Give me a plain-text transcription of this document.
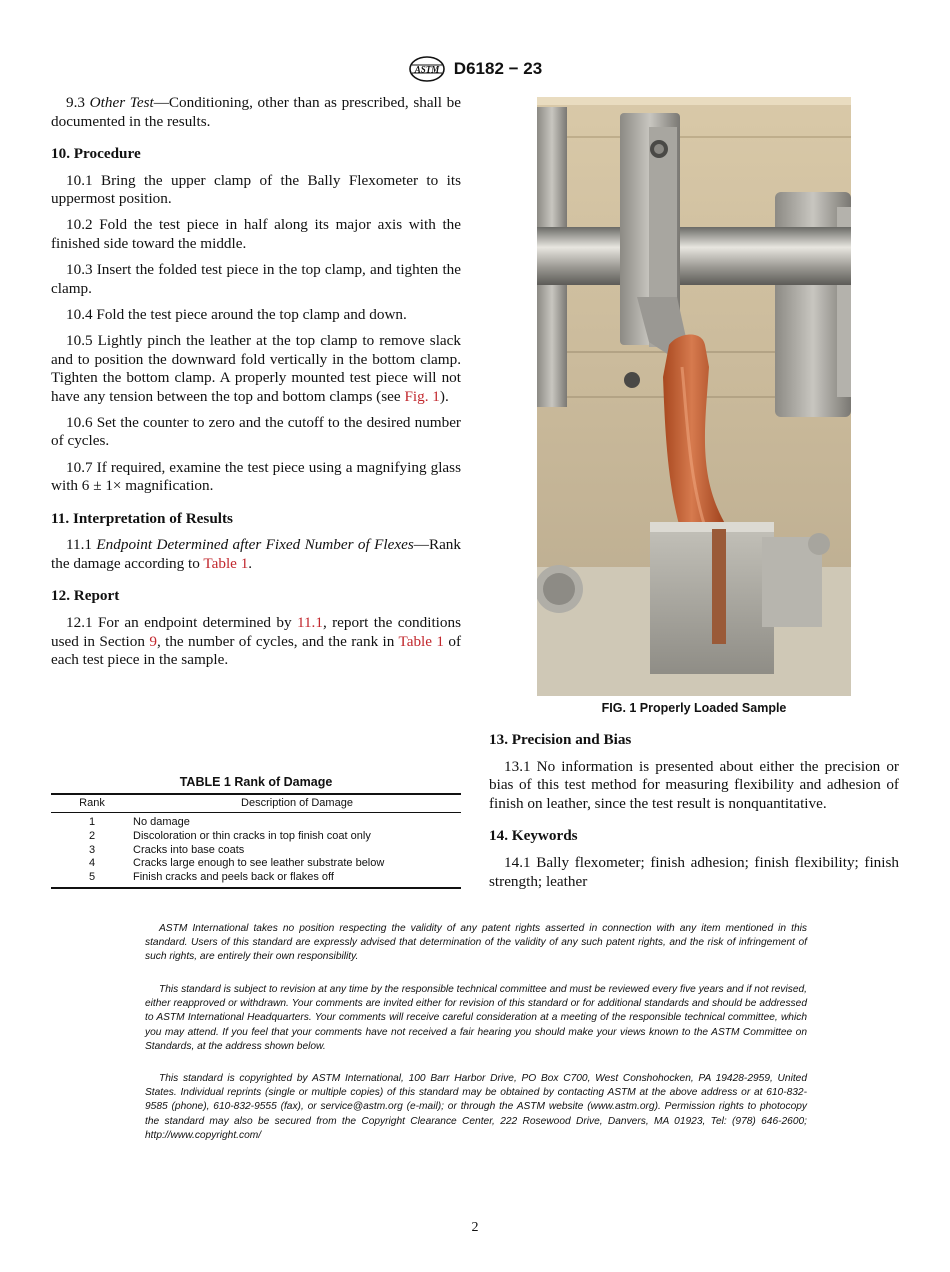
ASTM D6182 − 23

9.3 Other Test—Conditioning, other than as prescribed, shall be documented in the results.

10. Procedure

10.1 Bring the upper clamp of the Bally Flexometer to its uppermost position.

10.2 Fold the test piece in half along its major axis with the finished side toward the middle.

10.3 Insert the folded test piece in the top clamp, and tighten the clamp.

10.4 Fold the test piece around the top clamp and down.

10.5 Lightly pinch the leather at the top clamp to remove slack and to position the downward fold vertically in the bottom clamp. Tighten the bottom clamp. A properly mounted test piece will not have any tension between the top and bottom clamps (see Fig. 1).

10.6 Set the counter to zero and the cutoff to the desired number of cycles.

10.7 If required, examine the test piece using a magnifying glass with 6 ± 1× magnification.

11. Interpretation of Results

11.1 Endpoint Determined after Fixed Number of Flexes—Rank the damage according to Table 1.

12. Report

12.1 For an endpoint determined by 11.1, report the conditions used in Section 9, the number of cycles, and the rank in Table 1 of each test piece in the sample.

TABLE 1 Rank of Damage
Rank	Description of Damage
1	No damage
2	Discoloration or thin cracks in top finish coat only
3	Cracks into base coats
4	Cracks large enough to see leather substrate below
5	Finish cracks and peels back or flakes off
FIG. 1 Properly Loaded Sample
13. Precision and Bias

13.1 No information is presented about either the precision or bias of this test method for measuring flexibility and adhesion of finish on leather, since the test result is nonquantitative.

14. Keywords

14.1 Bally flexometer; finish adhesion; finish flexibility; finish strength; leather

ASTM International takes no position respecting the validity of any patent rights asserted in connection with any item mentioned in this standard. Users of this standard are expressly advised that determination of the validity of any such patent rights, and the risk of infringement of such rights, are entirely their own responsibility.

This standard is subject to revision at any time by the responsible technical committee and must be reviewed every five years and if not revised, either reapproved or withdrawn. Your comments are invited either for revision of this standard or for additional standards and should be addressed to ASTM International Headquarters. Your comments will receive careful consideration at a meeting of the responsible technical committee, which you may attend. If you feel that your comments have not received a fair hearing you should make your views known to the ASTM Committee on Standards, at the address shown below.

This standard is copyrighted by ASTM International, 100 Barr Harbor Drive, PO Box C700, West Conshohocken, PA 19428-2959, United States. Individual reprints (single or multiple copies) of this standard may be obtained by contacting ASTM at the above address or at 610-832-9585 (phone), 610-832-9555 (fax), or service@astm.org (e-mail); or through the ASTM website (www.astm.org). Permission rights to photocopy the standard may also be secured from the Copyright Clearance Center, 222 Rosewood Drive, Danvers, MA 01923, Tel: (978) 646-2600; http://www.copyright.com/

2
